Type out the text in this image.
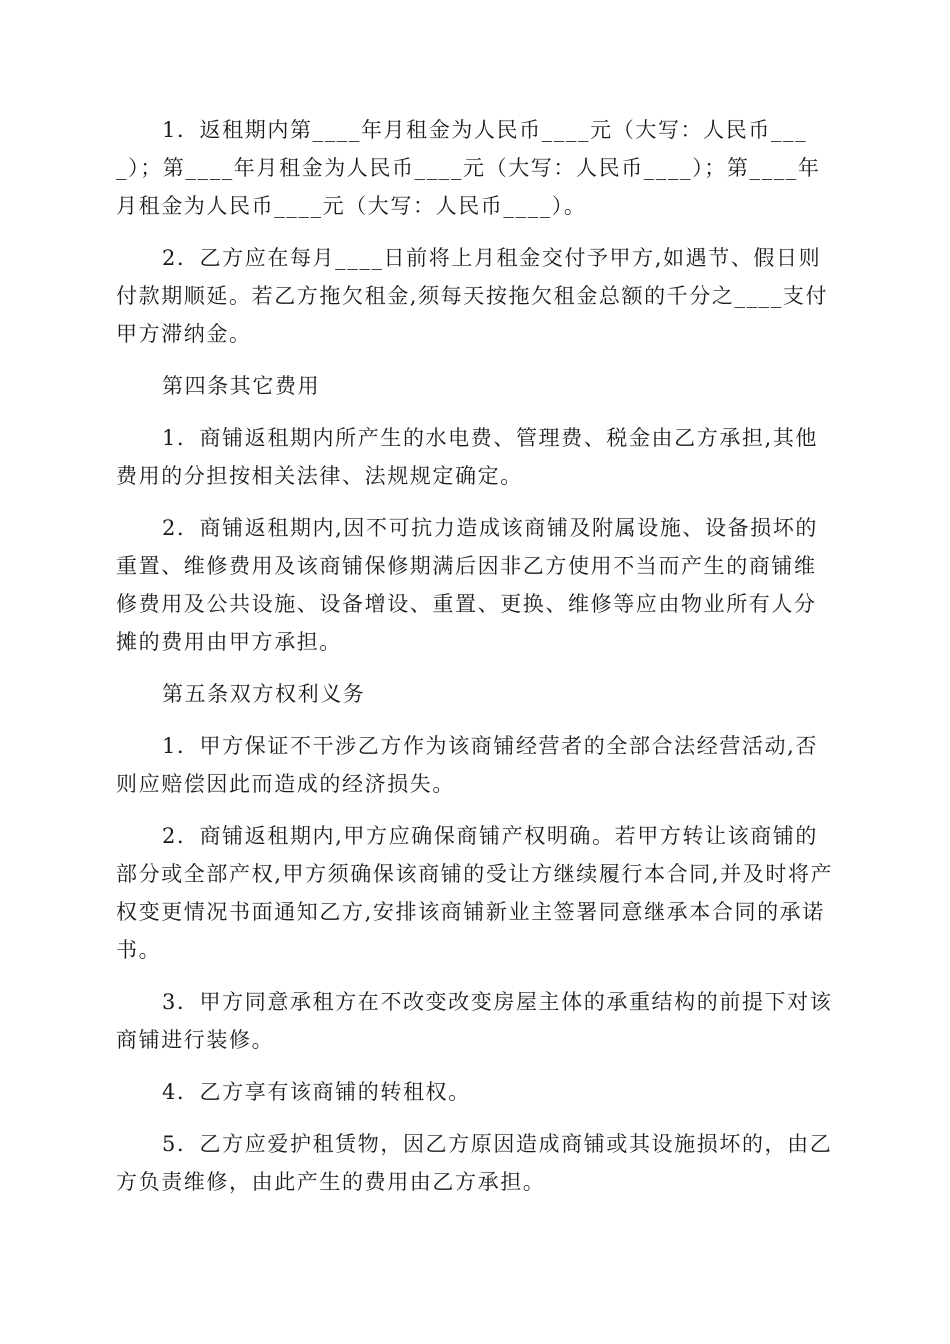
1．返租期内第____年月租金为人民币____元（大写：人民币____）；第____年月租金为人民币____元（大写：人民币____）；第____年月租金为人民币____元（大写：人民币____）。

2．乙方应在每月____日前将上月租金交付予甲方,如遇节、假日则付款期顺延。若乙方拖欠租金,须每天按拖欠租金总额的千分之____支付甲方滞纳金。

第四条其它费用

1．商铺返租期内所产生的水电费、管理费、税金由乙方承担,其他费用的分担按相关法律、法规规定确定。

2．商铺返租期内,因不可抗力造成该商铺及附属设施、设备损坏的重置、维修费用及该商铺保修期满后因非乙方使用不当而产生的商铺维修费用及公共设施、设备增设、重置、更换、维修等应由物业所有人分摊的费用由甲方承担。

第五条双方权利义务

1．甲方保证不干涉乙方作为该商铺经营者的全部合法经营活动,否则应赔偿因此而造成的经济损失。

2．商铺返租期内,甲方应确保商铺产权明确。若甲方转让该商铺的部分或全部产权,甲方须确保该商铺的受让方继续履行本合同,并及时将产权变更情况书面通知乙方,安排该商铺新业主签署同意继承本合同的承诺书。

3．甲方同意承租方在不改变改变房屋主体的承重结构的前提下对该商铺进行装修。

4．乙方享有该商铺的转租权。

5．乙方应爱护租赁物，因乙方原因造成商铺或其设施损坏的，由乙方负责维修，由此产生的费用由乙方承担。
